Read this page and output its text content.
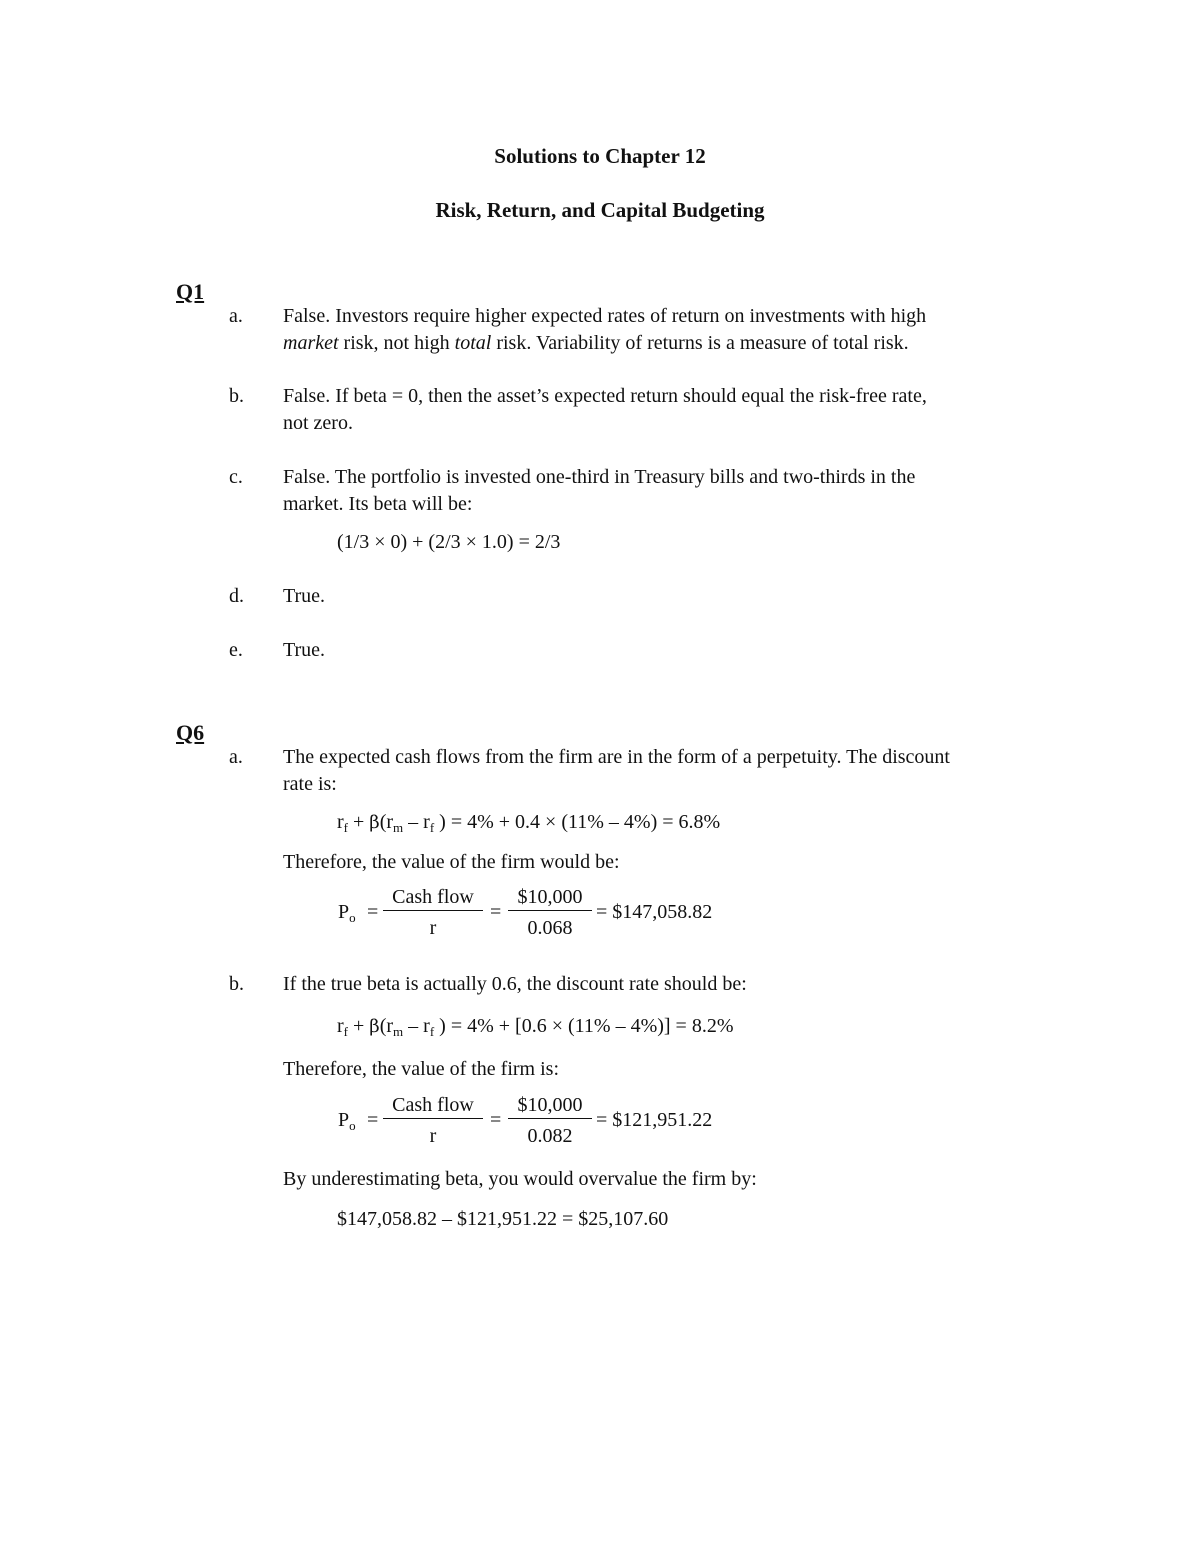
Solutions to Chapter 12
Risk, Return, and Capital Budgeting
Q1
a. False. Investors require higher expected rates of return on investments with high
market risk, not high total risk. Variability of returns is a measure of total risk.
b. False. If beta = 0, then the asset’s expected return should equal the risk-free rate,
not zero.
c. False. The portfolio is invested one-third in Treasury bills and two-thirds in the
market. Its beta will be:
(1/3 × 0) + (2/3 × 1.0) = 2/3
d. True.
e. True.
Q6
a. The expected cash flows from the firm are in the form of a perpetuity. The discount
rate is:
$r_f + \beta(r_m - r_f$ ) = 4% + 0.4 × (11% – 4%) = 6.8%
Therefore, the value of the firm would be:
$P_o$ =
Cash flow
r
= $\frac{\$10,000}{0.068}$ = $147,058.82
b. If the true beta is actually 0.6, the discount rate should be:
$r_f + \beta(r_m - r_f$ ) = 4% + [0.6 × (11% – 4%)] = 8.2%
Therefore, the value of the firm is:
$P_o$ =
Cash flow
r
= $\frac{\$10,000}{0.082}$ = $121,951.22
By underestimating beta, you would overvalue the firm by:
$147,058.82 – $121,951.22 = $25,107.60
